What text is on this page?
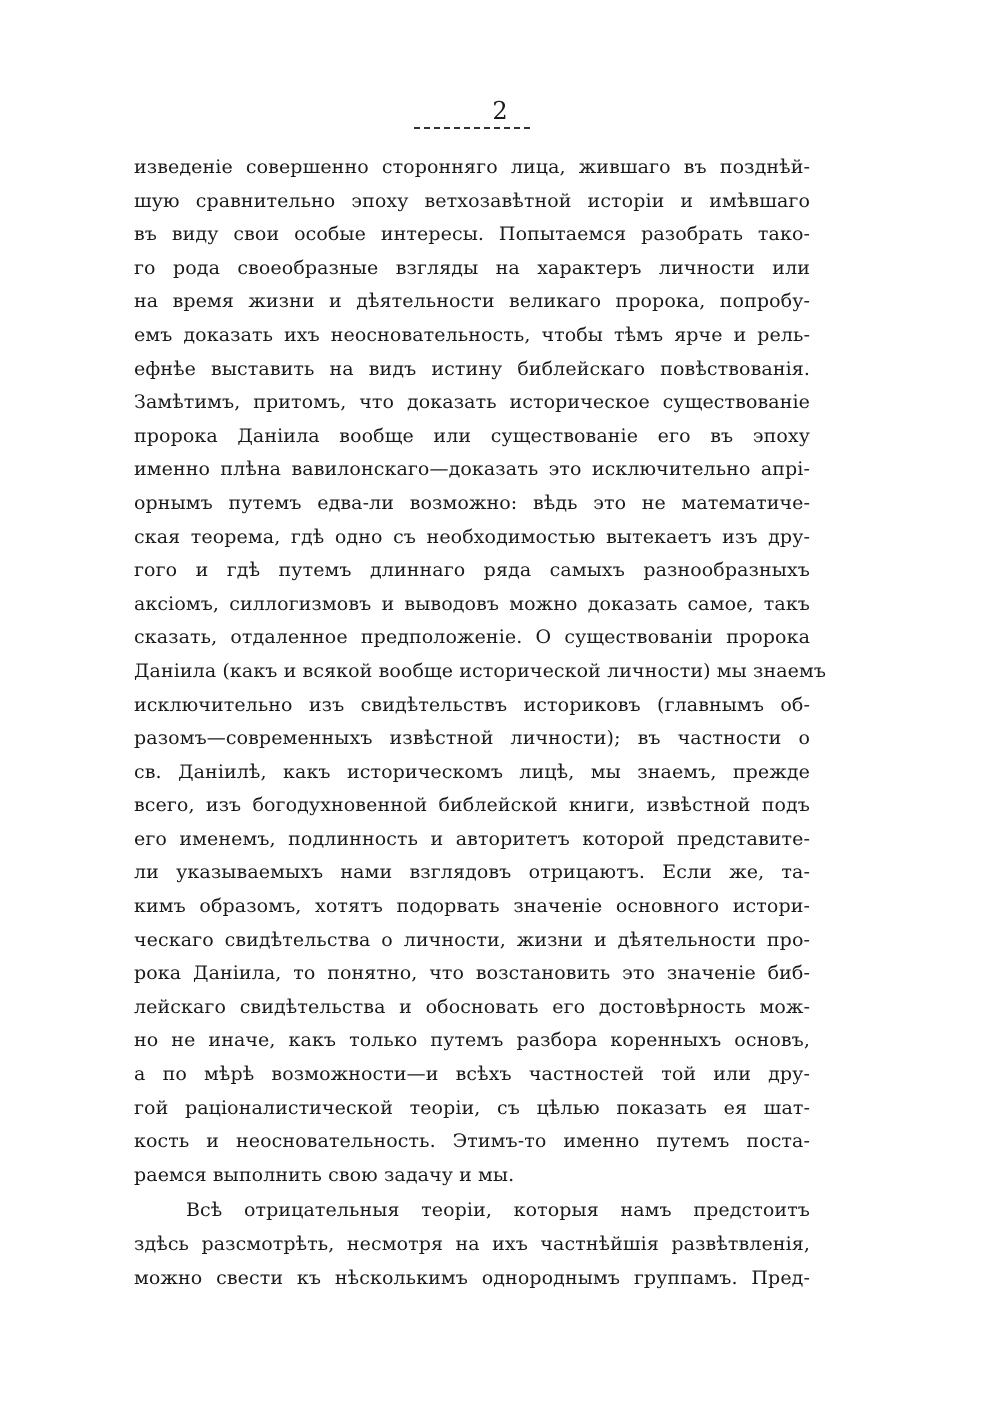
2
изведеніе совершенно сторонняго лица, жившаго въ позднѣй-
шую сравнительно эпоху ветхозавѣтной исторіи и имѣвшаго
въ виду свои особые интересы. Попытаемся разобрать тако-
го рода своеобразные взгляды на характеръ личности или
на время жизни и дѣятельности великаго пророка, попробу-
емъ доказать ихъ неосновательность, чтобы тѣмъ ярче и рель-
ефнѣе выставить на видъ истину библейскаго повѣствованія.
Замѣтимъ, притомъ, что доказать историческое существованіе
пророка Даніила вообще или существованіе его въ эпоху
именно плѣна вавилонскаго—доказать это исключительно апрі-
орнымъ путемъ едва-ли возможно: вѣдь это не математиче-
ская теорема, гдѣ одно съ необходимостью вытекаетъ изъ дру-
гого и гдѣ путемъ длиннаго ряда самыхъ разнообразныхъ
аксіомъ, силлогизмовъ и выводовъ можно доказать самое, такъ
сказать, отдаленное предположеніе. О существованіи пророка
Даніила (какъ и всякой вообще исторической личности) мы знаемъ
исключительно изъ свидѣтельствъ историковъ (главнымъ об-
разомъ—современныхъ извѣстной личности); въ частности о
св. Даніилѣ, какъ историческомъ лицѣ, мы знаемъ, прежде
всего, изъ богодухновенной библейской книги, извѣстной подъ
его именемъ, подлинность и авторитетъ которой представите-
ли указываемыхъ нами взглядовъ отрицаютъ. Если же, та-
кимъ образомъ, хотятъ подорвать значеніе основного истори-
ческаго свидѣтельства о личности, жизни и дѣятельности про-
рока Даніила, то понятно, что возстановить это значеніе биб-
лейскаго свидѣтельства и обосновать его достовѣрность мож-
но не иначе, какъ только путемъ разбора коренныхъ основъ,
а по мѣрѣ возможности—и всѣхъ частностей той или дру-
гой раціоналистической теоріи, съ цѣлью показать ея шат-
кость и неосновательность. Этимъ-то именно путемъ поста-
раемся выполнить свою задачу и мы.
Всѣ отрицательныя теоріи, которыя намъ предстоитъ
здѣсь разсмотрѣть, несмотря на ихъ частнѣйшія развѣтвленія,
можно свести къ нѣсколькимъ однороднымъ группамъ. Пред-
